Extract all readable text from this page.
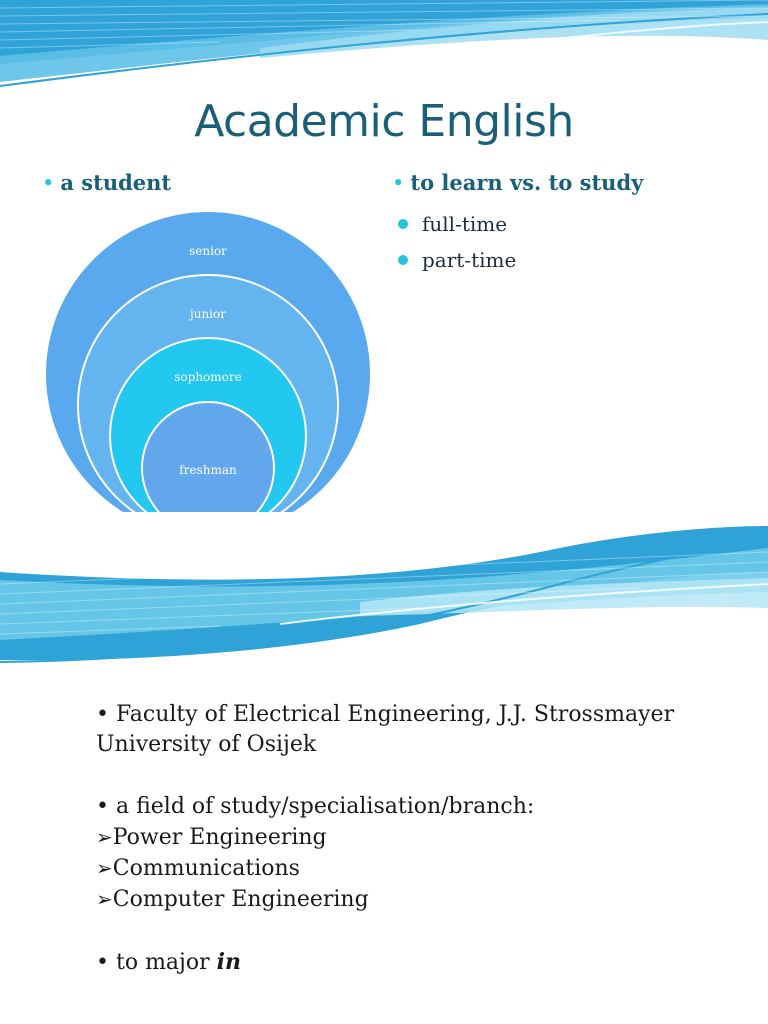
Academic English
• a student	• to learn vs. to study
full-time
part-time
senior
junior
sophomore
freshman

• Faculty of Electrical Engineering, J.J. Strossmayer
University of Osijek

• a field of study/specialisation/branch:

➢Power Engineering

➢Communications

➢Computer Engineering

• to major in
